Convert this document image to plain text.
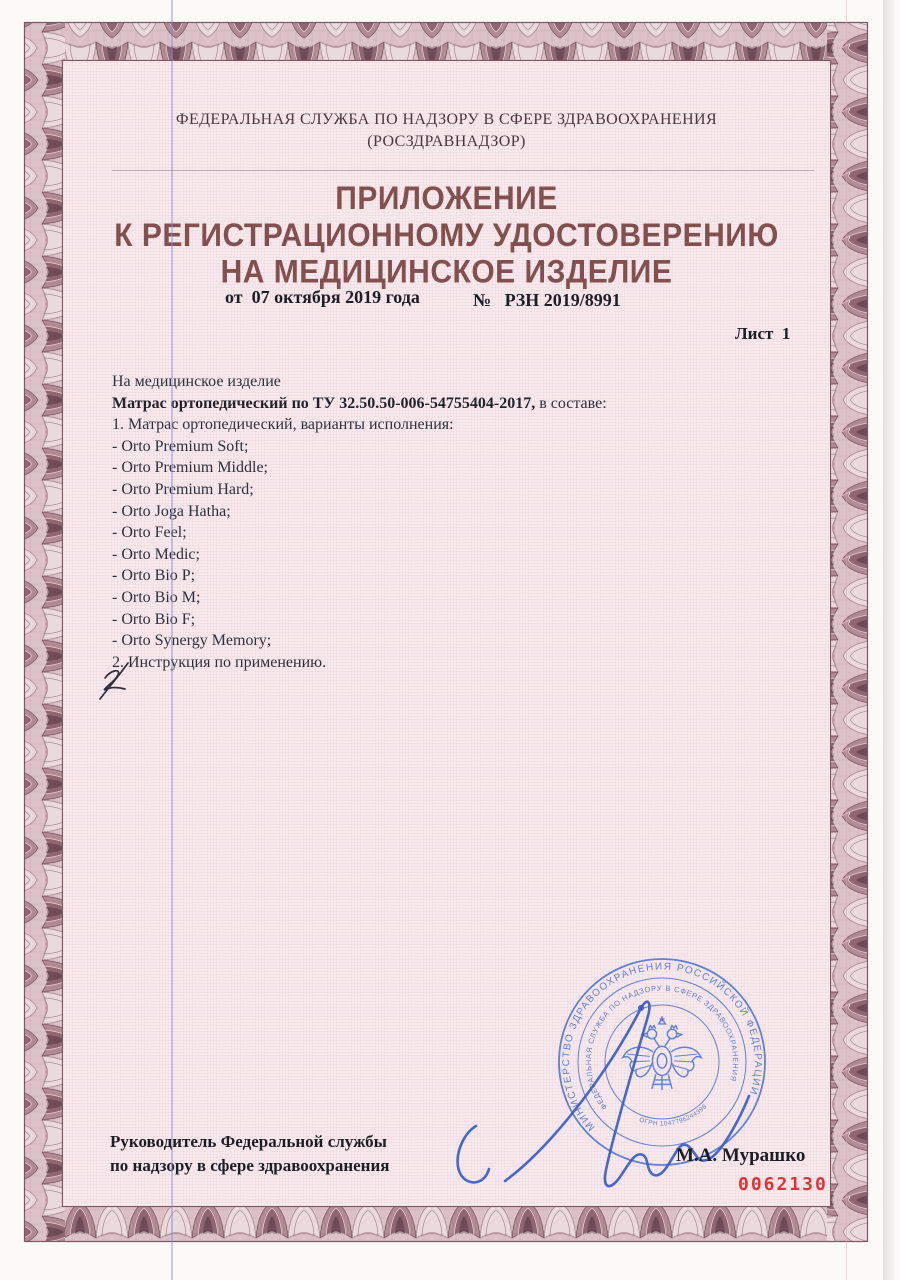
ФЕДЕРАЛЬНАЯ СЛУЖБА ПО НАДЗОРУ В СФЕРЕ ЗДРАВООХРАНЕНИЯ
(РОСЗДРАВНАДЗОР)
ПРИЛОЖЕНИЕ
К РЕГИСТРАЦИОННОМУ УДОСТОВЕРЕНИЮ
НА МЕДИЦИНСКОЕ ИЗДЕЛИЕ
от  07 октября 2019 года	№   РЗН 2019/8991
Лист  1
На медицинское изделие
Матрас ортопедический по ТУ 32.50.50-006-54755404-2017, в составе:
1. Матрас ортопедический, варианты исполнения:
- Orto Premium Soft;
- Orto Premium Middle;
- Orto Premium Hard;
- Orto Joga Hatha;
- Orto Feel;
- Orto Medic;
- Orto Bio P;
- Orto Bio M;
- Orto Bio F;
- Orto Synergy Memory;
2. Инструкция по применению.
МИНИСТЕРСТВО ЗДРАВООХРАНЕНИЯ РОССИЙСКОЙ ФЕДЕРАЦИИ
ФЕДЕРАЛЬНАЯ СЛУЖБА ПО НАДЗОРУ В СФЕРЕ ЗДРАВООХРАНЕНИЯ
ОГРН 1047796244396
Руководитель Федеральной службы
по надзору в сфере здравоохранения	М.А. Мурашко
0062130
